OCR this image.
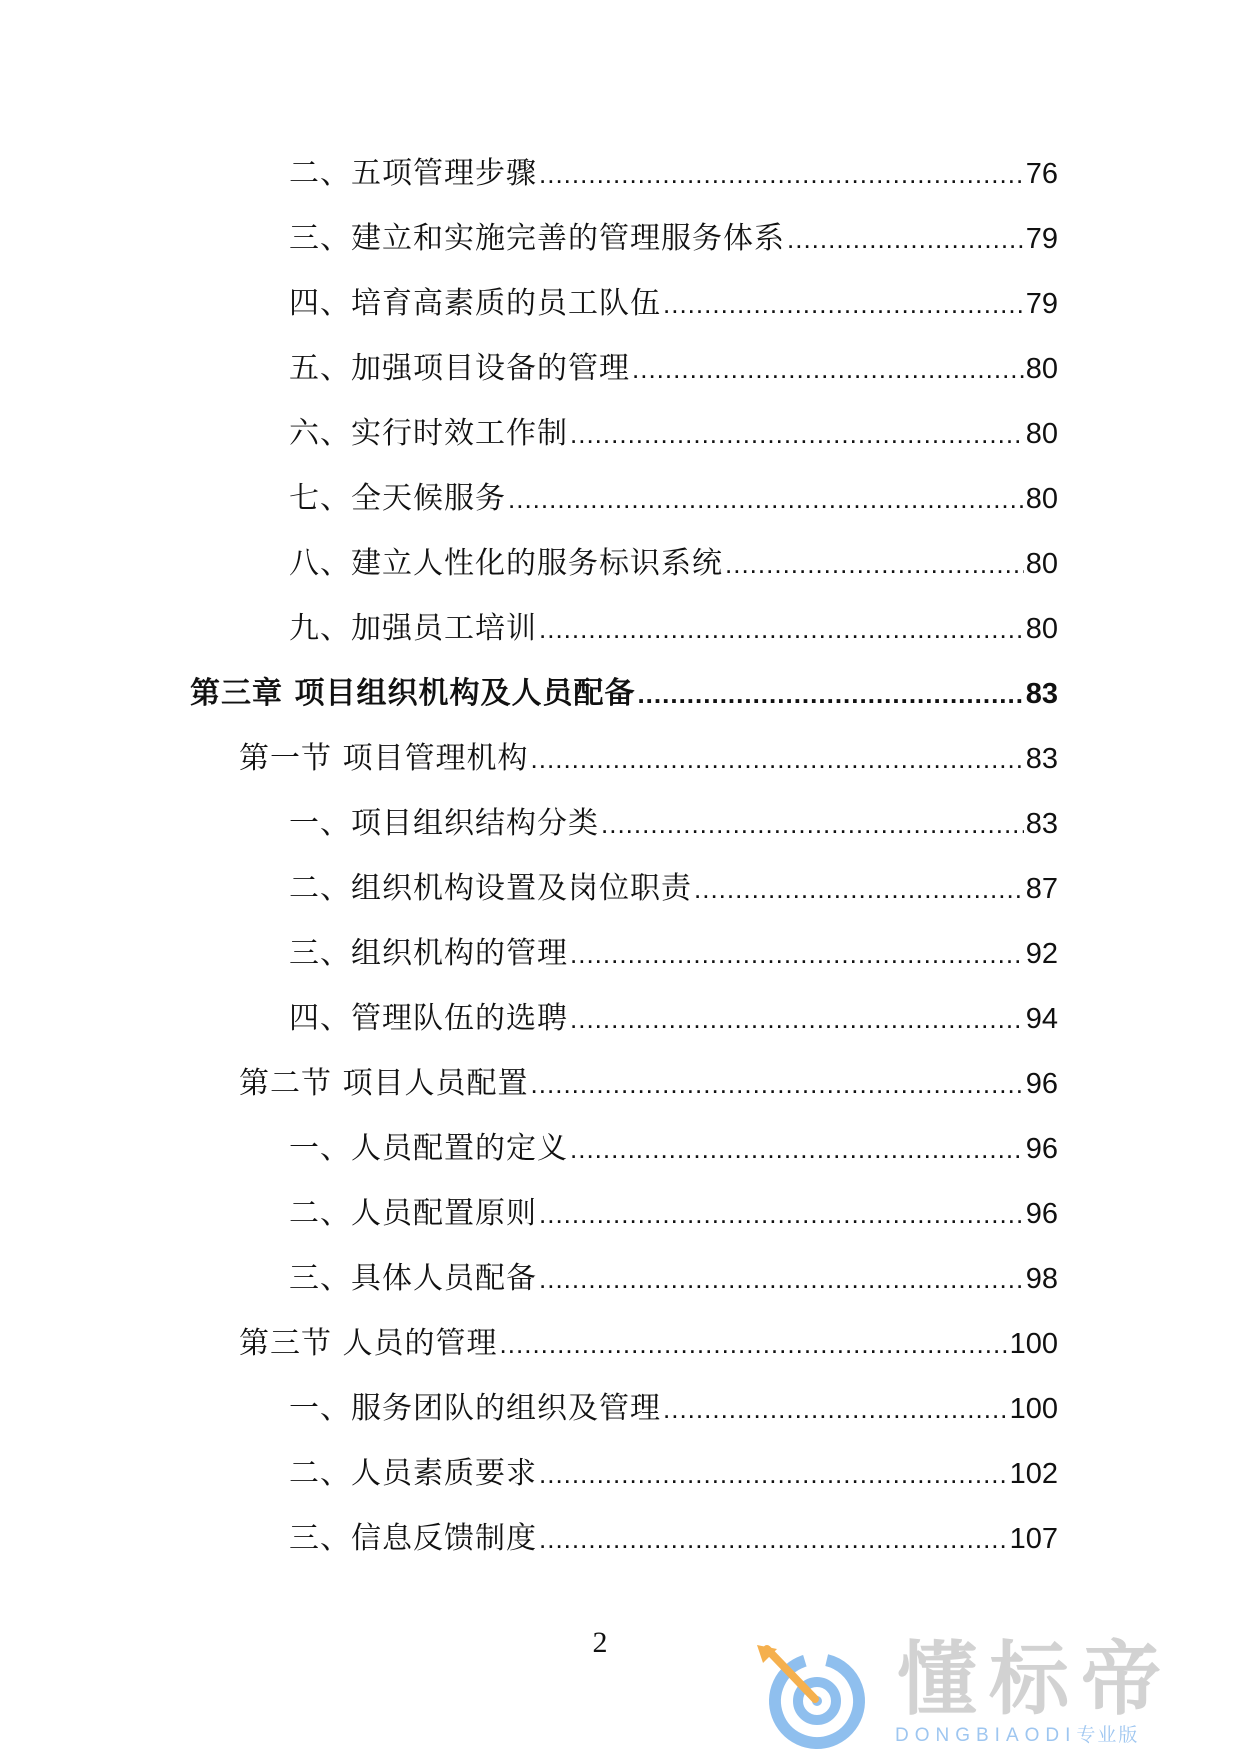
二、五项管理步骤 .....	76
三、建立和实施完善的管理服务体系 .....	79
四、培育高素质的员工队伍 .....	79
五、加强项目设备的管理 .....	80
六、实行时效工作制 .....	80
七、全天候服务 .....	80
八、建立人性化的服务标识系统 .....	80
九、加强员工培训 .....	80
第三章 项目组织机构及人员配备 .....	83
第一节 项目管理机构 .....	83
一、项目组织结构分类 .....	83
二、组织机构设置及岗位职责 .....	87
三、组织机构的管理 .....	92
四、管理队伍的选聘 .....	94
第二节 项目人员配置 .....	96
一、人员配置的定义 .....	96
二、人员配置原则 .....	96
三、具体人员配备 .....	98
第三节 人员的管理 .....	100
一、服务团队的组织及管理 .....	100
二、人员素质要求 .....	102
三、信息反馈制度 .....	107
2	懂标帝
DONGBIAODI专业版
